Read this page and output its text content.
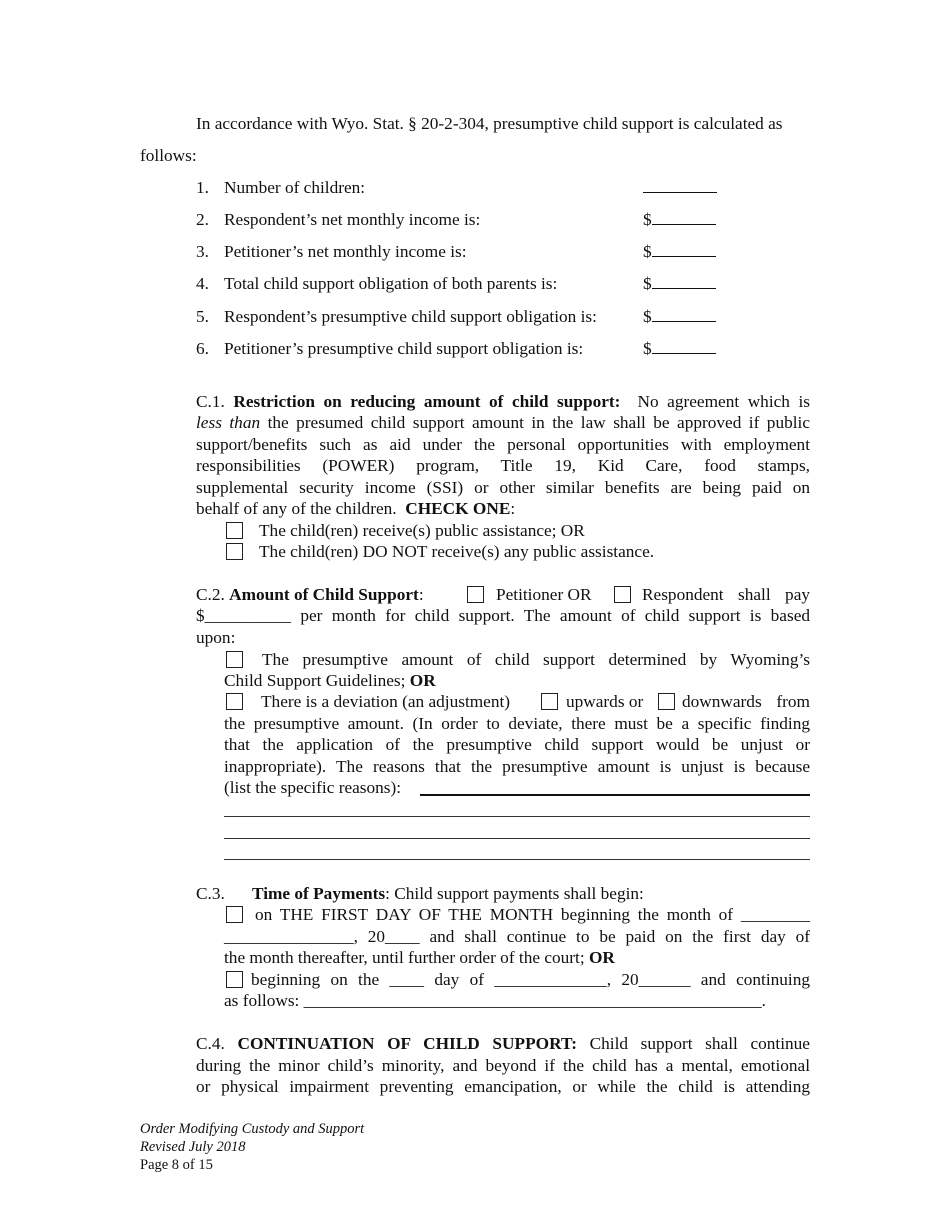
In accordance with Wyo. Stat. § 20-2-304, presumptive child support is calculated as
follows:
1. Number of children:
2. Respondent’s net monthly income is:	$
3. Petitioner’s net monthly income is:	$
4. Total child support obligation of both parents is:	$
5. Respondent’s presumptive child support obligation is:	$
6. Petitioner’s presumptive child support obligation is:	$
C.1. Restriction on reducing amount of child support: No agreement which is
less than the presumed child support amount in the law shall be approved if public
support/benefits such as aid under the personal opportunities with employment
responsibilities (POWER) program, Title 19, Kid Care, food stamps,
supplemental security income (SSI) or other similar benefits are being paid on
behalf of any of the children. CHECK ONE:
The child(ren) receive(s) public assistance; OR
The child(ren) DO NOT receive(s) any public assistance.
C.2. Amount of Child Support:	Petitioner OR	Respondent shall pay
$__________ per month for child support. The amount of child support is based
upon:
The presumptive amount of child support determined by Wyoming’s
Child Support Guidelines; OR
There is a deviation (an adjustment)	upwards or downwards from
the presumptive amount. (In order to deviate, there must be a specific finding
that the application of the presumptive child support would be unjust or
inappropriate). The reasons that the presumptive amount is unjust is because
(list the specific reasons):
C.3. Time of Payments: Child support payments shall begin:
on THE FIRST DAY OF THE MONTH beginning the month of ________
_______________, 20____ and shall continue to be paid on the first day of
the month thereafter, until further order of the court; OR
beginning on the ____ day of _____________, 20______ and continuing
as follows: _____________________________________________________.
C.4. CONTINUATION OF CHILD SUPPORT: Child support shall continue
during the minor child’s minority, and beyond if the child has a mental, emotional
or physical impairment preventing emancipation, or while the child is attending
Order Modifying Custody and Support
Revised July 2018
Page 8 of 15
